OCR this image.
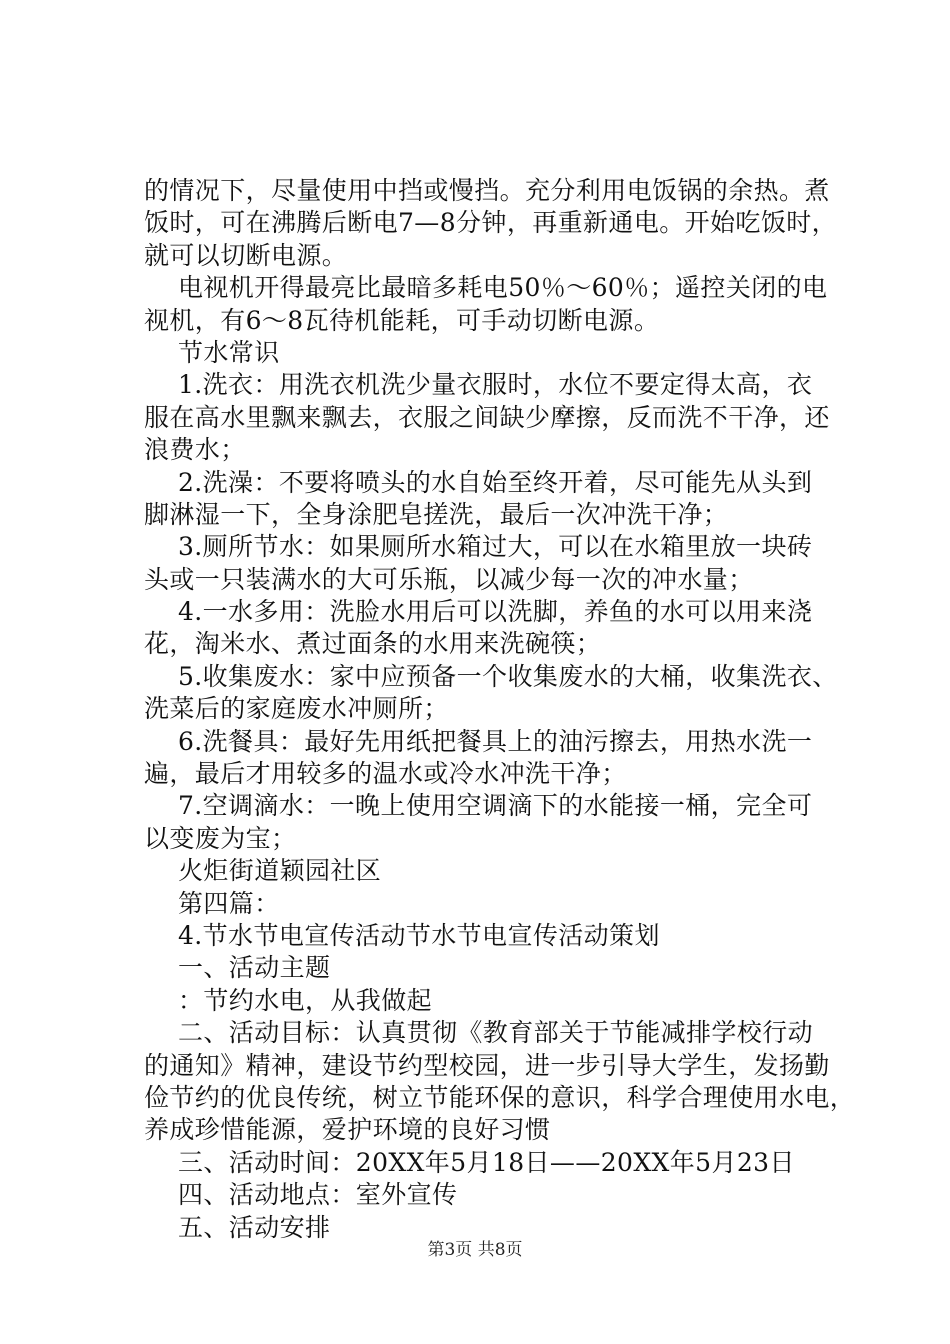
的情况下，尽量使用中挡或慢挡。充分利用电饭锅的余热。煮
饭时，可在沸腾后断电7—8分钟，再重新通电。开始吃饭时，
就可以切断电源。
电视机开得最亮比最暗多耗电50％～60％；遥控关闭的电
视机，有6～8瓦待机能耗，可手动切断电源。
节水常识
1.洗衣：用洗衣机洗少量衣服时，水位不要定得太高，衣
服在高水里飘来飘去，衣服之间缺少摩擦，反而洗不干净，还
浪费水；
2.洗澡：不要将喷头的水自始至终开着，尽可能先从头到
脚淋湿一下，全身涂肥皂搓洗，最后一次冲洗干净；
3.厕所节水：如果厕所水箱过大，可以在水箱里放一块砖
头或一只装满水的大可乐瓶，以减少每一次的冲水量；
4.一水多用：洗脸水用后可以洗脚，养鱼的水可以用来浇
花，淘米水、煮过面条的水用来洗碗筷；
5.收集废水：家中应预备一个收集废水的大桶，收集洗衣、
洗菜后的家庭废水冲厕所；
6.洗餐具：最好先用纸把餐具上的油污擦去，用热水洗一
遍，最后才用较多的温水或冷水冲洗干净；
7.空调滴水：一晚上使用空调滴下的水能接一桶，完全可
以变废为宝；
火炬街道颖园社区
第四篇：
4.节水节电宣传活动节水节电宣传活动策划
一、活动主题
：节约水电，从我做起
二、活动目标：认真贯彻《教育部关于节能减排学校行动
的通知》精神，建设节约型校园，进一步引导大学生，发扬勤
俭节约的优良传统，树立节能环保的意识，科学合理使用水电，
养成珍惜能源，爱护环境的良好习惯
三、活动时间：20XX年5月18日——20XX年5月23日
四、活动地点：室外宣传
五、活动安排
第3页 共8页
